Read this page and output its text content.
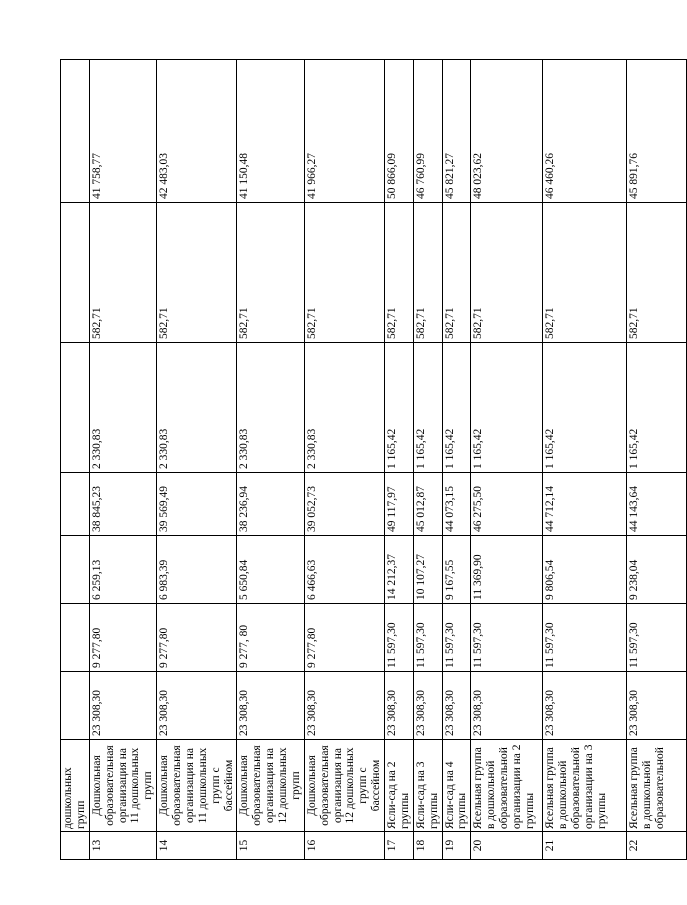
	дошкольных групп							
13	Дошкольная образовательная организация на 11 дошкольных групп	23 308,30	9 277,80	6 259,13	38 845,23	2 330,83	582,71	41 758,77
14	Дошкольная образовательная организация на 11 дошкольных групп с бассейном	23 308,30	9 277,80	6 983,39	39 569,49	2 330,83	582,71	42 483,03
15	Дошкольная образовательная организация на 12 дошкольных групп	23 308,30	9 277, 80	5 650,84	38 236,94	2 330,83	582,71	41 150,48
16	Дошкольная образовательная организация на 12 дошкольных групп с бассейном	23 308,30	9 277,80	6 466,63	39 052,73	2 330,83	582,71	41 966,27
17	Ясли-сад на 2 группы	23 308,30	11 597,30	14 212,37	49 117,97	1 165,42	582,71	50 866,09
18	Ясли-сад на 3 группы	23 308,30	11 597,30	10 107,27	45 012,87	1 165,42	582,71	46 760,99
19	Ясли-сад на 4 группы	23 308,30	11 597,30	9 167,55	44 073,15	1 165,42	582,71	45 821,27
20	Ясельная группа в дошкольной образовательной организации на 2 группы	23 308,30	11 597,30	11 369,90	46 275,50	1 165,42	582,71	48 023,62
21	Ясельная группа в дошкольной образовательной организации на 3 группы	23 308,30	11 597,30	9 806,54	44 712,14	1 165,42	582,71	46 460,26
22	Ясельная группа в дошкольной образовательной	23 308,30	11 597,30	9 238,04	44 143,64	1 165,42	582,71	45 891,76
